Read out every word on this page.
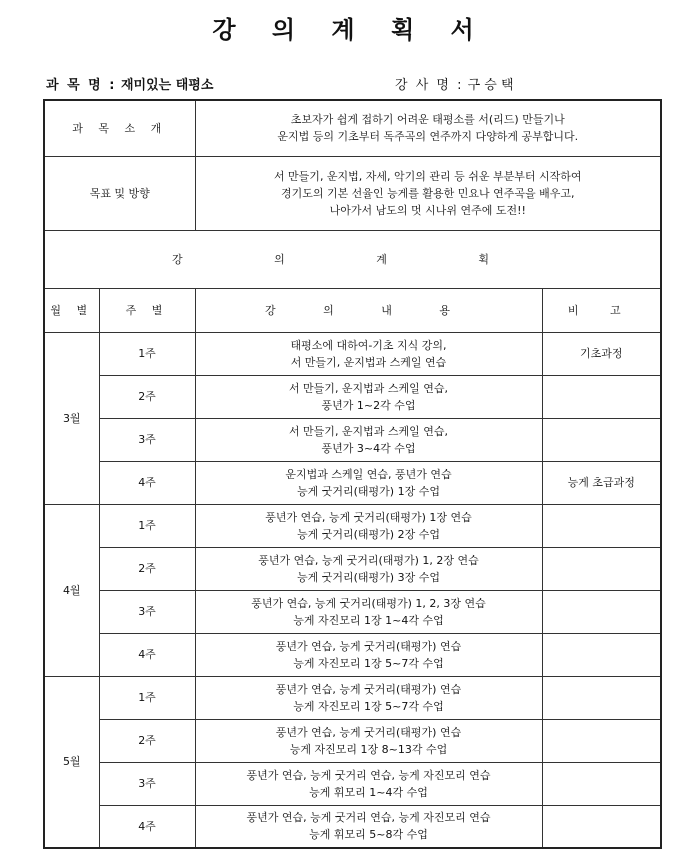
강 의 계 획 서
과 목 명 : 재미있는 태평소	강 사 명 : 구 승 택
과 목 소 개		초보자가 쉽게 접하기 어려운 태평소를 서(리드) 만들기나
운지법 등의 기초부터 독주곡의 연주까지 다양하게 공부합니다.	

목표 및 방향		서 만들기, 운지법, 자세, 악기의 관리 등 쉬운 부분부터 시작하여
경기도의 기본 선율인 능게를 활용한 민요나 연주곡을 배우고,
나아가서 남도의 멋 시나위 연주에 도전!!	

강 의 계 획			
월 별	주 별	강 의 내 용	비 고
3월	1주	태평소에 대하여-기초 지식 강의,
서 만들기, 운지법과 스케일 연습	기초과정
	2주	서 만들기, 운지법과 스케일 연습,
풍년가 1~2각 수업	

	3주	서 만들기, 운지법과 스케일 연습,
풍년가 3~4각 수업	

	4주	운지법과 스케일 연습, 풍년가 연습
능게 굿거리(태평가) 1장 수업	능게 초급과정
4월	1주	풍년가 연습, 능게 굿거리(태평가) 1장 연습
능게 굿거리(태평가) 2장 수업	

	2주	풍년가 연습, 능게 굿거리(태평가) 1, 2장 연습
능게 굿거리(태평가) 3장 수업	

	3주	풍년가 연습, 능게 굿거리(태평가) 1, 2, 3장 연습
능게 자진모리 1장 1~4각 수업	

	4주	풍년가 연습, 능게 굿거리(태평가) 연습
능게 자진모리 1장 5~7각 수업	

5월	1주	풍년가 연습, 능게 굿거리(태평가) 연습
능게 자진모리 1장 5~7각 수업	

	2주	풍년가 연습, 능게 굿거리(태평가) 연습
능게 자진모리 1장 8~13각 수업	

	3주	풍년가 연습, 능게 굿거리 연습, 능게 자진모리 연습
능게 휘모리 1~4각 수업	

	4주	풍년가 연습, 능게 굿거리 연습, 능게 자진모리 연습
능게 휘모리 5~8각 수업	
